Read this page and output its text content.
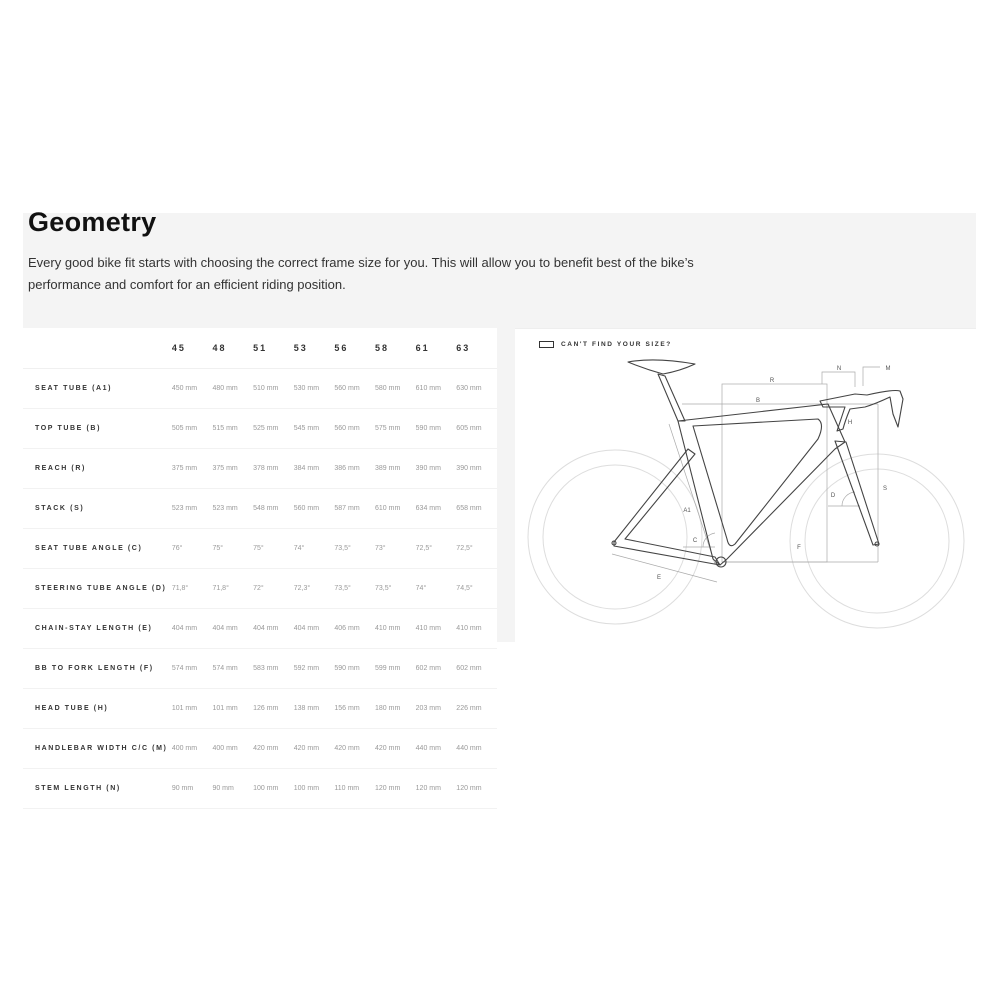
Geometry

Every good bike fit starts with choosing the correct frame size for you. This will allow you to benefit best of the bike’s performance and comfort for an efficient riding position.

45	48	51	53	56	58	61	63
SEAT TUBE (A1)	450 mm	480 mm	510 mm	530 mm	560 mm	580 mm	610 mm	630 mm
TOP TUBE (B)	505 mm	515 mm	525 mm	545 mm	560 mm	575 mm	590 mm	605 mm
REACH (R)	375 mm	375 mm	378 mm	384 mm	386 mm	389 mm	390 mm	390 mm
STACK (S)	523 mm	523 mm	548 mm	560 mm	587 mm	610 mm	634 mm	658 mm
SEAT TUBE ANGLE (C)	76°	75°	75°	74°	73,5°	73°	72,5°	72,5°
STEERING TUBE ANGLE (D) 71,8°	71,8°	72°	72,3°	73,5°	73,5°	74°	74,5°
CHAIN-STAY LENGTH (E)	404 mm	404 mm	404 mm	404 mm	406 mm	410 mm	410 mm	410 mm
BB TO FORK LENGTH (F)	574 mm	574 mm	583 mm	592 mm	590 mm	599 mm	602 mm	602 mm
HEAD TUBE (H)	101 mm	101 mm	126 mm	138 mm	156 mm	180 mm	203 mm	226 mm
HANDLEBAR WIDTH C/C (M) 400 mm	400 mm	420 mm	420 mm	420 mm	420 mm	440 mm	440 mm
STEM LENGTH (N)	90 mm	90 mm	100 mm	100 mm	110 mm	120 mm	120 mm	120 mm
CAN'T FIND YOUR SIZE?
R
B
N	M
H
S
D
A1
C
F
E
